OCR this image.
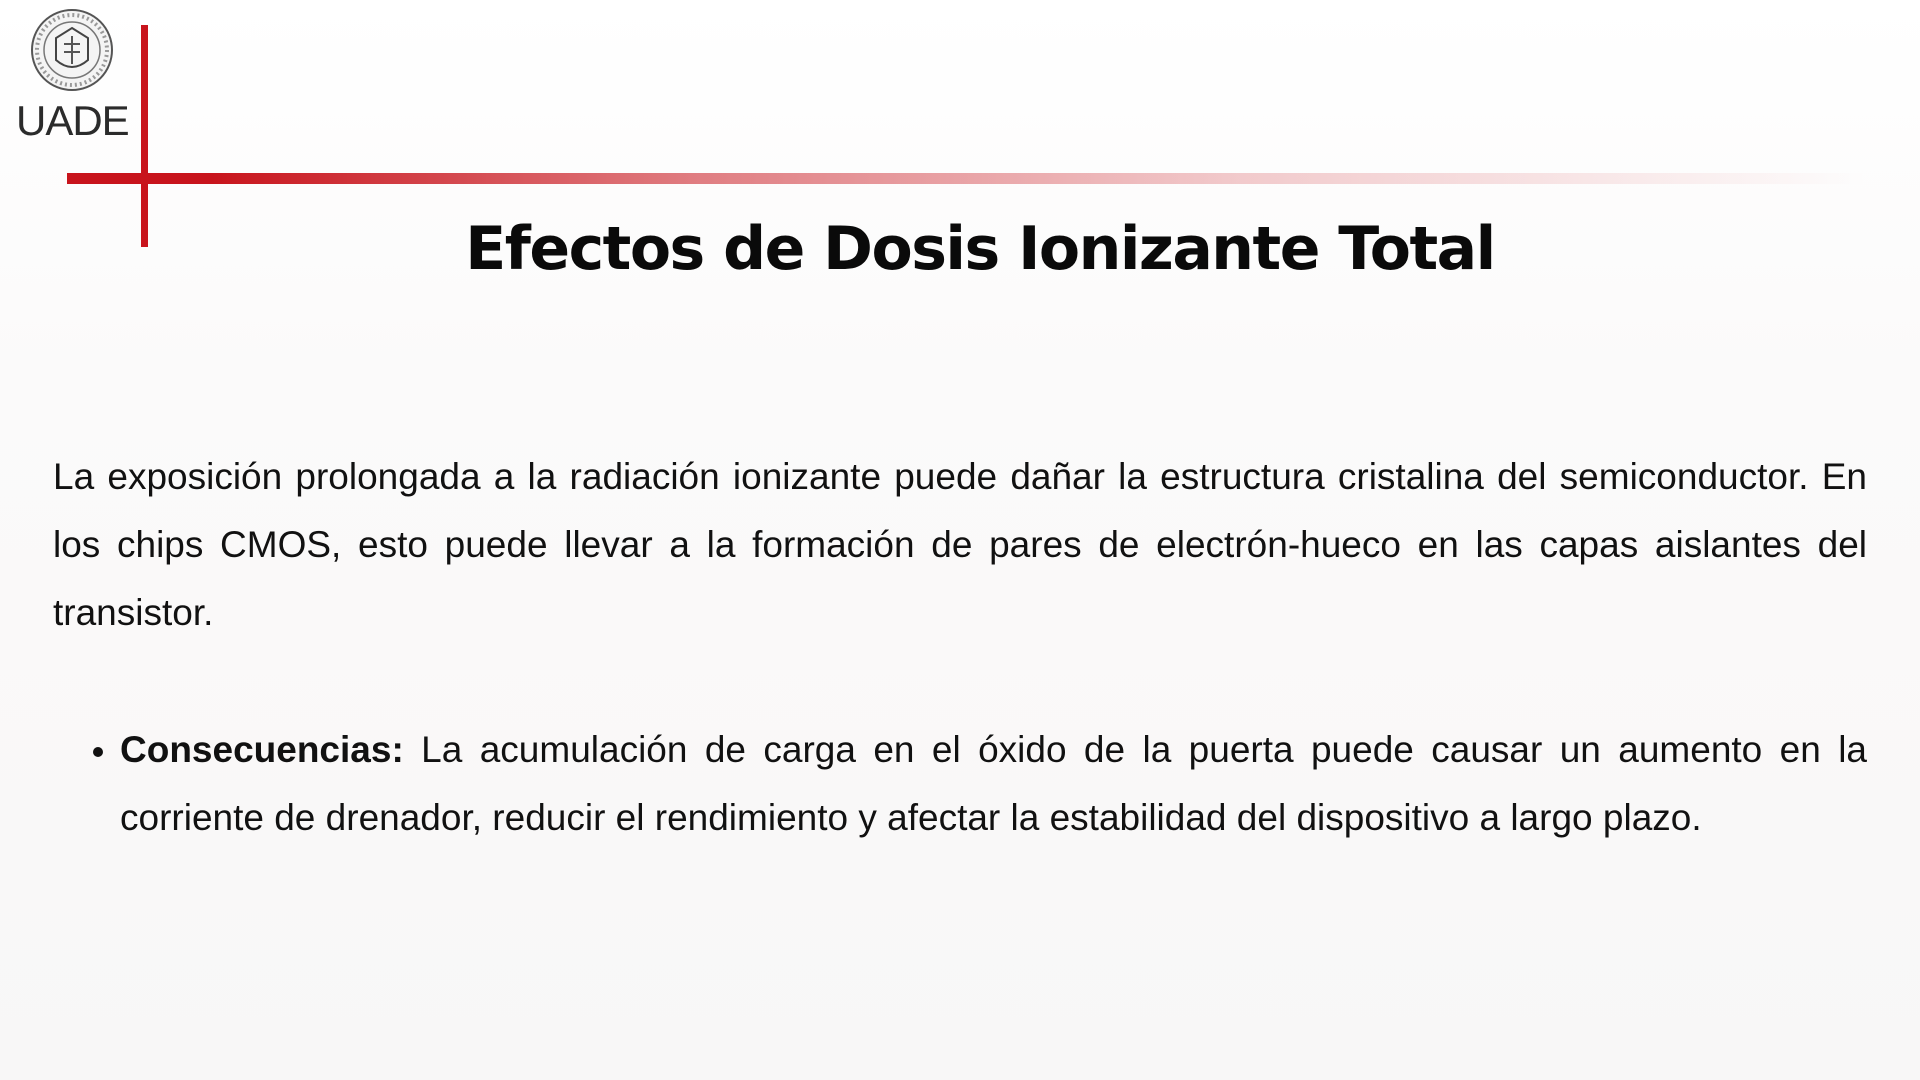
UADE
Efectos de Dosis Ionizante Total

La exposición prolongada a la radiación ionizante puede dañar la estructura cristalina del semiconductor. En los chips CMOS, esto puede llevar a la formación de pares de electrón-hueco en las capas aislantes del transistor.

Consecuencias: La acumulación de carga en el óxido de la puerta puede causar un aumento en la corriente de drenador, reducir el rendimiento y afectar la estabilidad del dispositivo a largo plazo.
